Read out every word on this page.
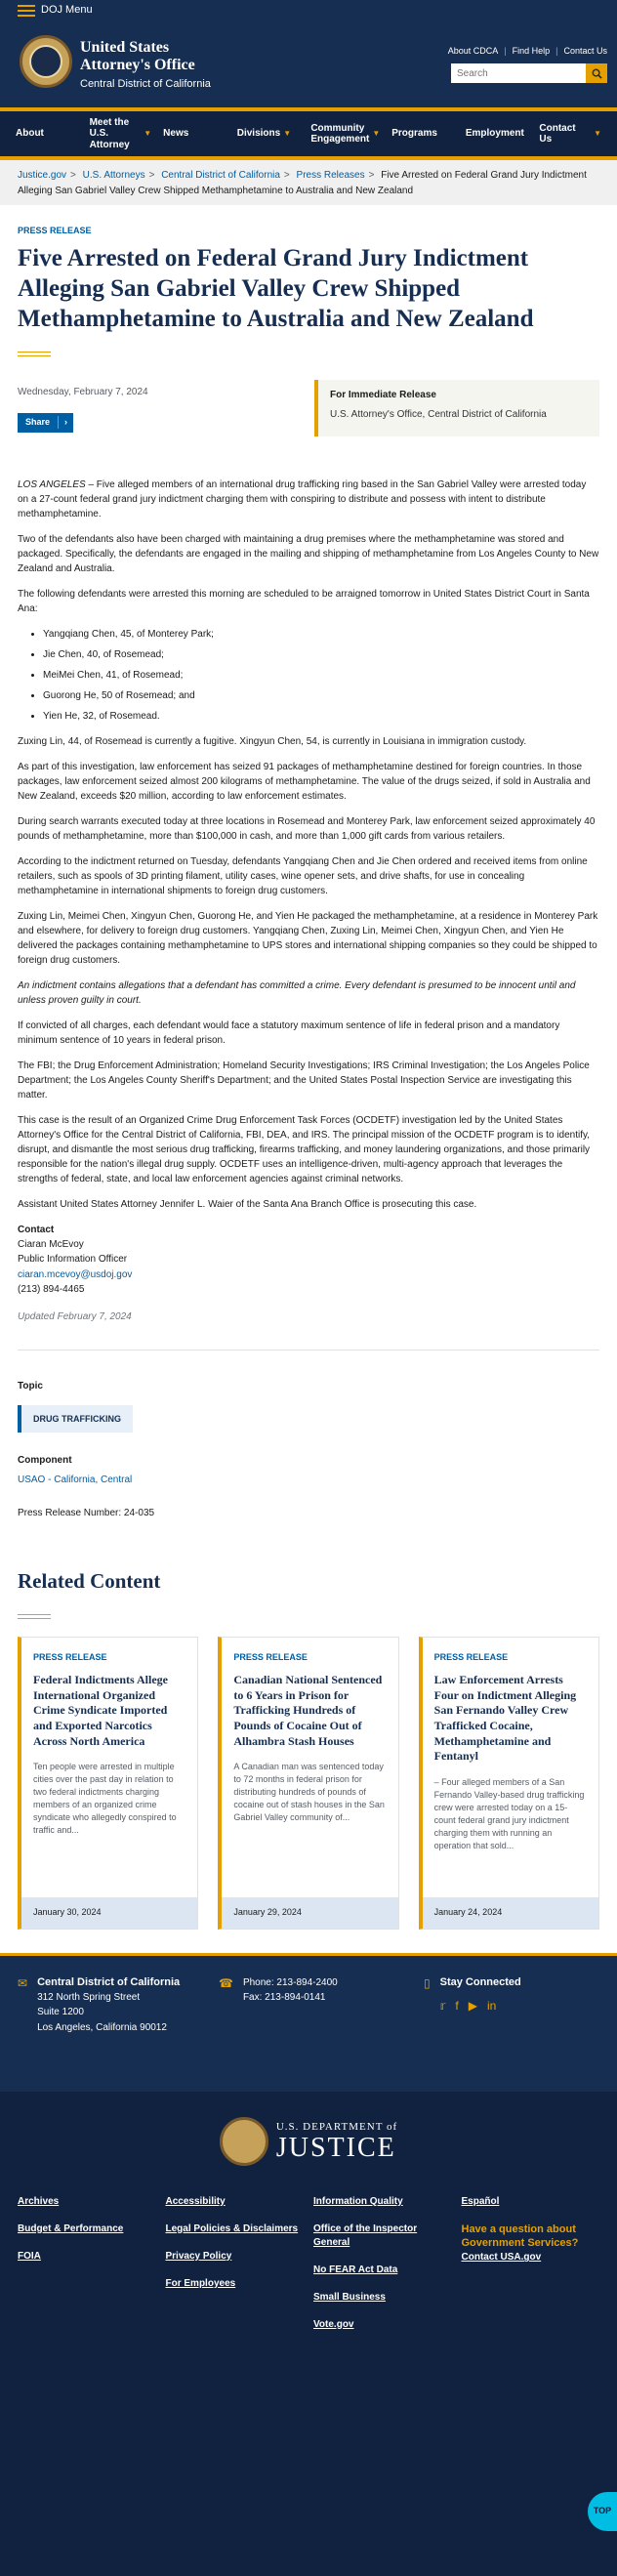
DOJ Menu
United States
Attorney's Office
Central District of California
About CDCA | Find Help | Contact Us
Search
About
Meet the U.S. Attorney
▼ News	Divisions ▼
Community Engagement
▼ Programs	Employment
Contact Us
▼
Justice.gov > U.S. Attorneys > Central District of California > Press Releases > Five Arrested on Federal Grand Jury Indictment Alleging San Gabriel Valley Crew Shipped Methamphetamine to Australia and New Zealand
PRESS RELEASE
Five Arrested on Federal Grand Jury Indictment Alleging San Gabriel Valley Crew Shipped Methamphetamine to Australia and New Zealand
Wednesday, February 7, 2024
Share	›
For Immediate Release
U.S. Attorney's Office, Central District of California

LOS ANGELES – Five alleged members of an international drug trafficking ring based in the San Gabriel Valley were arrested today on a 27-count federal grand jury indictment charging them with conspiring to distribute and possess with intent to distribute methamphetamine.

Two of the defendants also have been charged with maintaining a drug premises where the methamphetamine was stored and packaged. Specifically, the defendants are engaged in the mailing and shipping of methamphetamine from Los Angeles County to New Zealand and Australia.

The following defendants were arrested this morning are scheduled to be arraigned tomorrow in United States District Court in Santa Ana:

• Yangqiang Chen, 45, of Monterey Park;
• Jie Chen, 40, of Rosemead;
• MeiMei Chen, 41, of Rosemead;
• Guorong He, 50 of Rosemead; and
• Yien He, 32, of Rosemead.

Zuxing Lin, 44, of Rosemead is currently a fugitive. Xingyun Chen, 54, is currently in Louisiana in immigration custody.

As part of this investigation, law enforcement has seized 91 packages of methamphetamine destined for foreign countries. In those packages, law enforcement seized almost 200 kilograms of methamphetamine. The value of the drugs seized, if sold in Australia and New Zealand, exceeds $20 million, according to law enforcement estimates.

During search warrants executed today at three locations in Rosemead and Monterey Park, law enforcement seized approximately 40 pounds of methamphetamine, more than $100,000 in cash, and more than 1,000 gift cards from various retailers.

According to the indictment returned on Tuesday, defendants Yangqiang Chen and Jie Chen ordered and received items from online retailers, such as spools of 3D printing filament, utility cases, wine opener sets, and drive shafts, for use in concealing methamphetamine in international shipments to foreign drug customers.

Zuxing Lin, Meimei Chen, Xingyun Chen, Guorong He, and Yien He packaged the methamphetamine, at a residence in Monterey Park and elsewhere, for delivery to foreign drug customers. Yangqiang Chen, Zuxing Lin, Meimei Chen, Xingyun Chen, and Yien He delivered the packages containing methamphetamine to UPS stores and international shipping companies so they could be shipped to foreign drug customers.

An indictment contains allegations that a defendant has committed a crime. Every defendant is presumed to be innocent until and unless proven guilty in court.

If convicted of all charges, each defendant would face a statutory maximum sentence of life in federal prison and a mandatory minimum sentence of 10 years in federal prison.

The FBI; the Drug Enforcement Administration; Homeland Security Investigations; IRS Criminal Investigation; the Los Angeles Police Department; the Los Angeles County Sheriff's Department; and the United States Postal Inspection Service are investigating this matter.

This case is the result of an Organized Crime Drug Enforcement Task Forces (OCDETF) investigation led by the United States Attorney's Office for the Central District of California, FBI, DEA, and IRS. The principal mission of the OCDETF program is to identify, disrupt, and dismantle the most serious drug trafficking, firearms trafficking, and money laundering organizations, and those primarily responsible for the nation's illegal drug supply. OCDETF uses an intelligence-driven, multi-agency approach that leverages the strengths of federal, state, and local law enforcement agencies against criminal networks.

Assistant United States Attorney Jennifer L. Waier of the Santa Ana Branch Office is prosecuting this case.

Contact
Ciaran McEvoy
Public Information Officer
ciaran.mcevoy@usdoj.gov
(213) 894-4465
Updated February 7, 2024
Topic
DRUG TRAFFICKING
Component
USAO - California, Central
Press Release Number: 24-035
Related Content
PRESS RELEASE
Federal Indictments Allege International Organized Crime Syndicate Imported and Exported Narcotics Across North America
Ten people were arrested in multiple cities over the past day in relation to two federal indictments charging members of an organized crime syndicate who allegedly conspired to traffic and...
January 30, 2024
PRESS RELEASE
Canadian National Sentenced to 6 Years in Prison for Trafficking Hundreds of Pounds of Cocaine Out of Alhambra Stash Houses
A Canadian man was sentenced today to 72 months in federal prison for distributing hundreds of pounds of cocaine out of stash houses in the San Gabriel Valley community of...
January 29, 2024
PRESS RELEASE
Law Enforcement Arrests Four on Indictment Alleging San Fernando Valley Crew Trafficked Cocaine, Methamphetamine and Fentanyl
– Four alleged members of a San Fernando Valley-based drug trafficking crew were arrested today on a 15-count federal grand jury indictment charging them with running an operation that sold...
January 24, 2024
✉ Central District of California
312 North Spring Street
Suite 1200
Los Angeles, California 90012
☎ Phone: 213-894-2400
Fax: 213-894-0141
▯ Stay Connected
𝕣 f ▶ in
U.S. DEPARTMENT of
JUSTICE
Archives

Budget & Performance

FOIA
Accessibility

Legal Policies & Disclaimers

Privacy Policy

For Employees
Information Quality

Office of the Inspector General

No FEAR Act Data

Small Business

Vote.gov
Español

Have a question about Government Services?
Contact USA.gov
TOP
